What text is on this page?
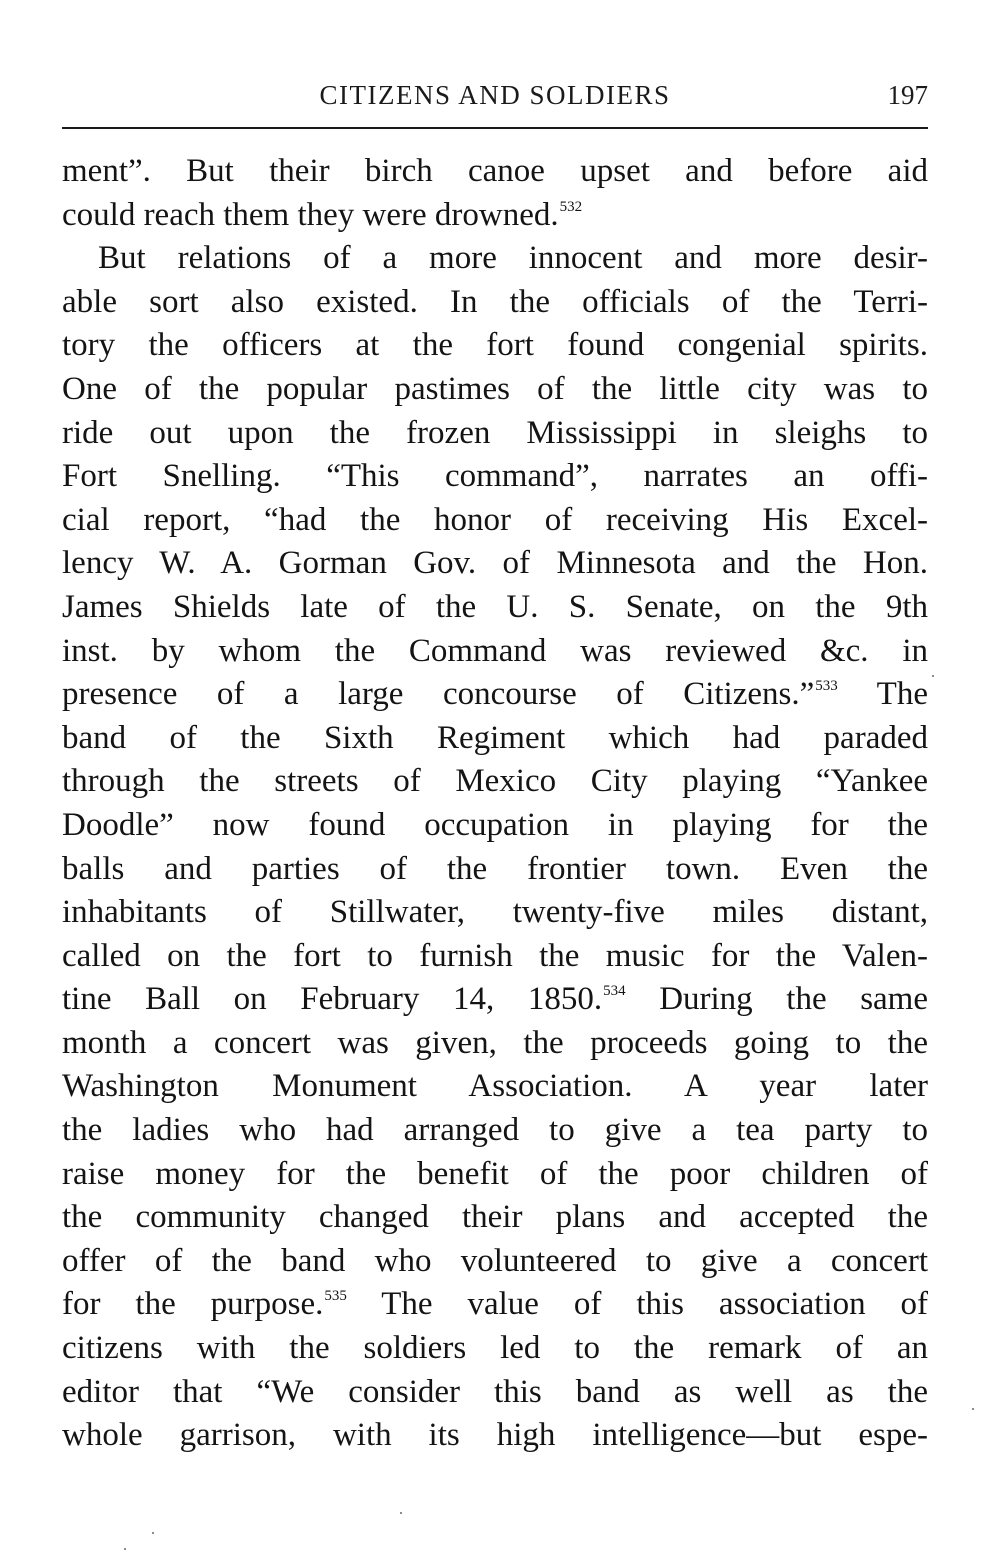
CITIZENS AND SOLDIERS	197
ment”. But their birch canoe upset and before aid
could reach them they were drowned.$^{532}$
But relations of a more innocent and more desir-
able sort also existed. In the officials of the Terri-
tory the officers at the fort found congenial spirits.
One of the popular pastimes of the little city was to
ride out upon the frozen Mississippi in sleighs to
Fort Snelling. “This command”, narrates an offi-
cial report, “had the honor of receiving His Excel-
lency W. A. Gorman Gov. of Minnesota and the Hon.
James Shields late of the U. S. Senate, on the 9th
inst. by whom the Command was reviewed &c. in
presence of a large concourse of Citizens.”$^{533}$ The
band of the Sixth Regiment which had paraded
through the streets of Mexico City playing “Yankee
Doodle” now found occupation in playing for the
balls and parties of the frontier town. Even the
inhabitants of Stillwater, twenty-five miles distant,
called on the fort to furnish the music for the Valen-
tine Ball on February 14, 1850.$^{534}$ During the same
month a concert was given, the proceeds going to the
Washington Monument Association. A year later
the ladies who had arranged to give a tea party to
raise money for the benefit of the poor children of
the community changed their plans and accepted the
offer of the band who volunteered to give a concert
for the purpose.$^{535}$ The value of this association of
citizens with the soldiers led to the remark of an
editor that “We consider this band as well as the
whole garrison, with its high intelligence—but espe-
